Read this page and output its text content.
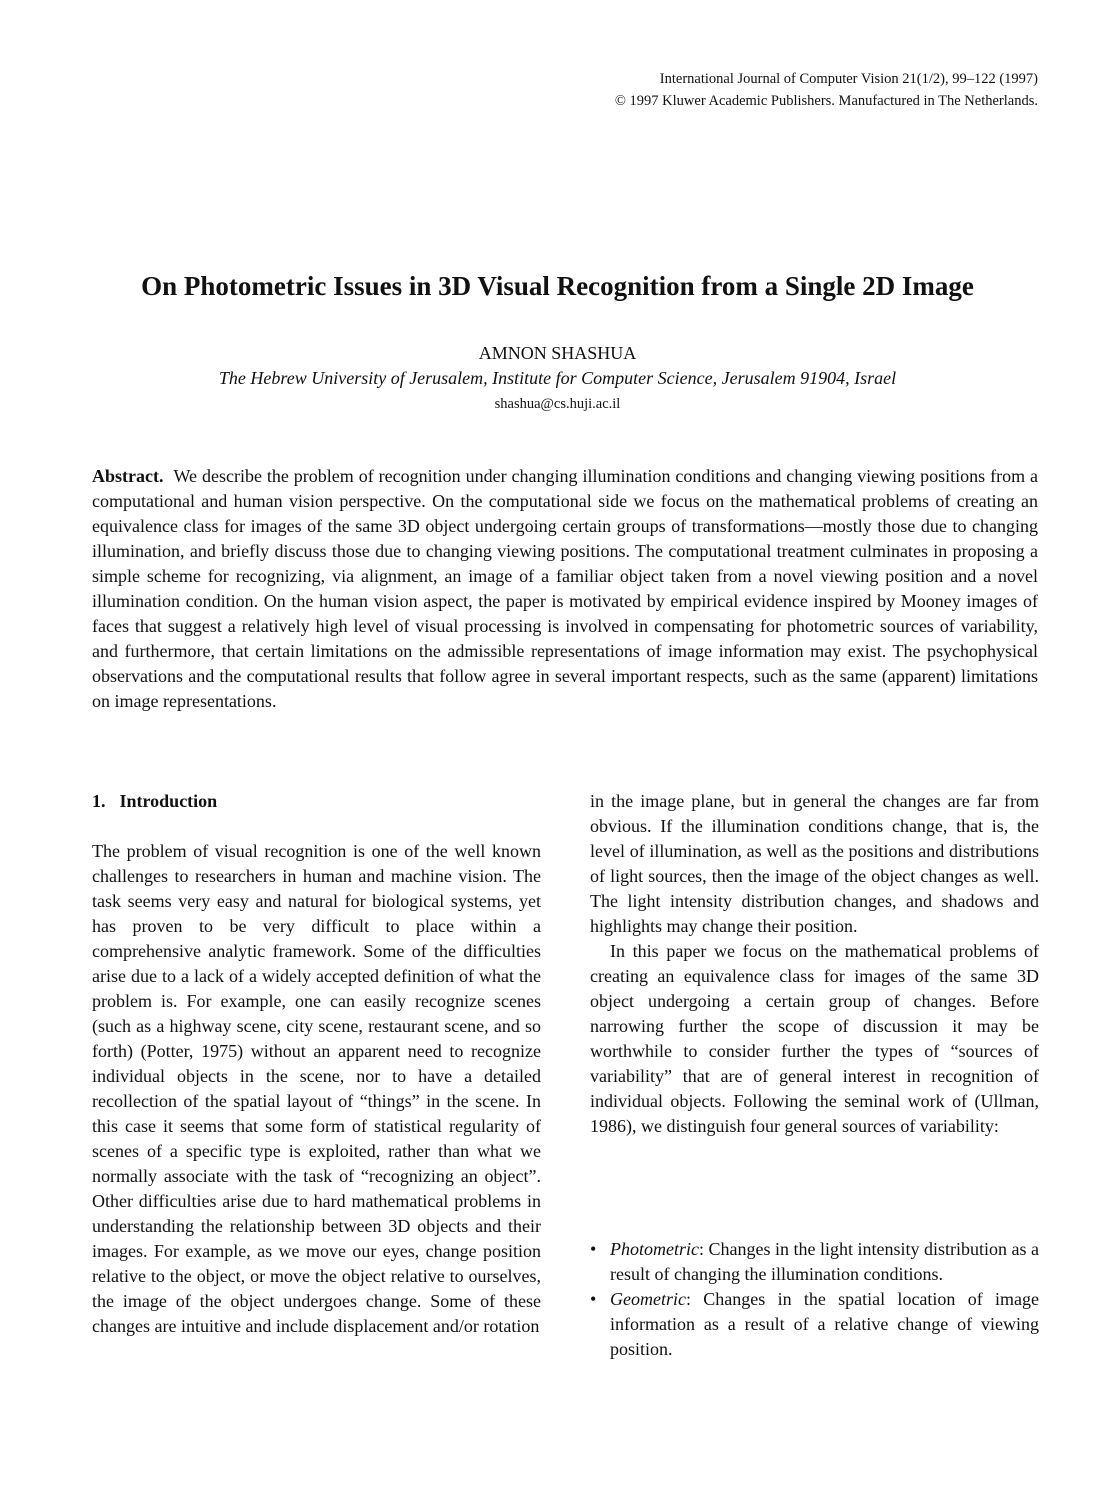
International Journal of Computer Vision 21(1/2), 99–122 (1997)
© 1997 Kluwer Academic Publishers. Manufactured in The Netherlands.
On Photometric Issues in 3D Visual Recognition from a Single 2D Image
AMNON SHASHUA
The Hebrew University of Jerusalem, Institute for Computer Science, Jerusalem 91904, Israel
shashua@cs.huji.ac.il

Abstract. We describe the problem of recognition under changing illumination conditions and changing viewing positions from a computational and human vision perspective. On the computational side we focus on the mathematical problems of creating an equivalence class for images of the same 3D object undergoing certain groups of transformations—mostly those due to changing illumination, and briefly discuss those due to changing viewing positions. The computational treatment culminates in proposing a simple scheme for recognizing, via alignment, an image of a familiar object taken from a novel viewing position and a novel illumination condition. On the human vision aspect, the paper is motivated by empirical evidence inspired by Mooney images of faces that suggest a relatively high level of visual processing is involved in compensating for photometric sources of variability, and furthermore, that certain limitations on the admissible representations of image information may exist. The psychophysical observations and the computational results that follow agree in several important respects, such as the same (apparent) limitations on image representations.

1. Introduction

The problem of visual recognition is one of the well known challenges to researchers in human and machine vision. The task seems very easy and natural for biological systems, yet has proven to be very difficult to place within a comprehensive analytic framework. Some of the difficulties arise due to a lack of a widely accepted definition of what the problem is. For example, one can easily recognize scenes (such as a highway scene, city scene, restaurant scene, and so forth) (Potter, 1975) without an apparent need to recognize individual objects in the scene, nor to have a detailed recollection of the spatial layout of “things” in the scene. In this case it seems that some form of statistical regularity of scenes of a specific type is exploited, rather than what we normally associate with the task of “recognizing an object”. Other difficulties arise due to hard mathematical problems in understanding the relationship between 3D objects and their images. For example, as we move our eyes, change position relative to the object, or move the object relative to ourselves, the image of the object undergoes change. Some of these changes are intuitive and include displacement and/or rotation

in the image plane, but in general the changes are far from obvious. If the illumination conditions change, that is, the level of illumination, as well as the positions and distributions of light sources, then the image of the object changes as well. The light intensity distribution changes, and shadows and highlights may change their position.

In this paper we focus on the mathematical problems of creating an equivalence class for images of the same 3D object undergoing a certain group of changes. Before narrowing further the scope of discussion it may be worthwhile to consider further the types of “sources of variability” that are of general interest in recognition of individual objects. Following the seminal work of (Ullman, 1986), we distinguish four general sources of variability:

• Photometric: Changes in the light intensity distribution as a result of changing the illumination conditions.
• Geometric: Changes in the spatial location of image information as a result of a relative change of viewing position.
